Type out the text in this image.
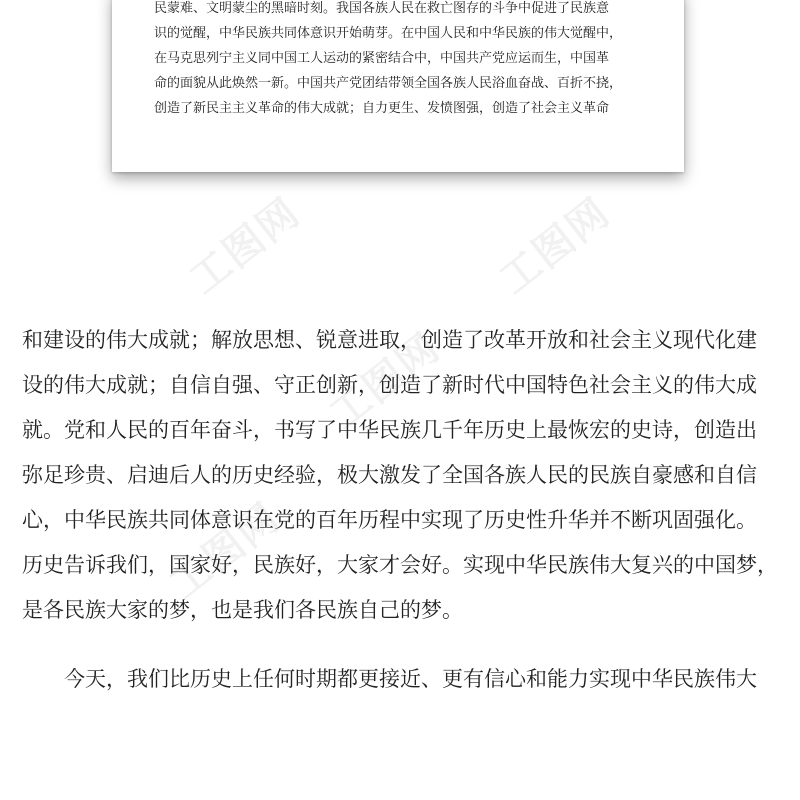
民蒙难、文明蒙尘的黑暗时刻。我国各族人民在救亡图存的斗争中促进了民族意
识的觉醒，中华民族共同体意识开始萌芽。在中国人民和中华民族的伟大觉醒中，
在马克思列宁主义同中国工人运动的紧密结合中，中国共产党应运而生，中国革
命的面貌从此焕然一新。中国共产党团结带领全国各族人民浴血奋战、百折不挠，
创造了新民主主义革命的伟大成就；自力更生、发愤图强，创造了社会主义革命
工图网	工图网
工图网
工图网
和建设的伟大成就；解放思想、锐意进取，创造了改革开放和社会主义现代化建
设的伟大成就；自信自强、守正创新，创造了新时代中国特色社会主义的伟大成
就。党和人民的百年奋斗，书写了中华民族几千年历史上最恢宏的史诗，创造出
弥足珍贵、启迪后人的历史经验，极大激发了全国各族人民的民族自豪感和自信
心，中华民族共同体意识在党的百年历程中实现了历史性升华并不断巩固强化。
历史告诉我们，国家好，民族好，大家才会好。实现中华民族伟大复兴的中国梦，
是各民族大家的梦，也是我们各民族自己的梦。
今天，我们比历史上任何时期都更接近、更有信心和能力实现中华民族伟大
